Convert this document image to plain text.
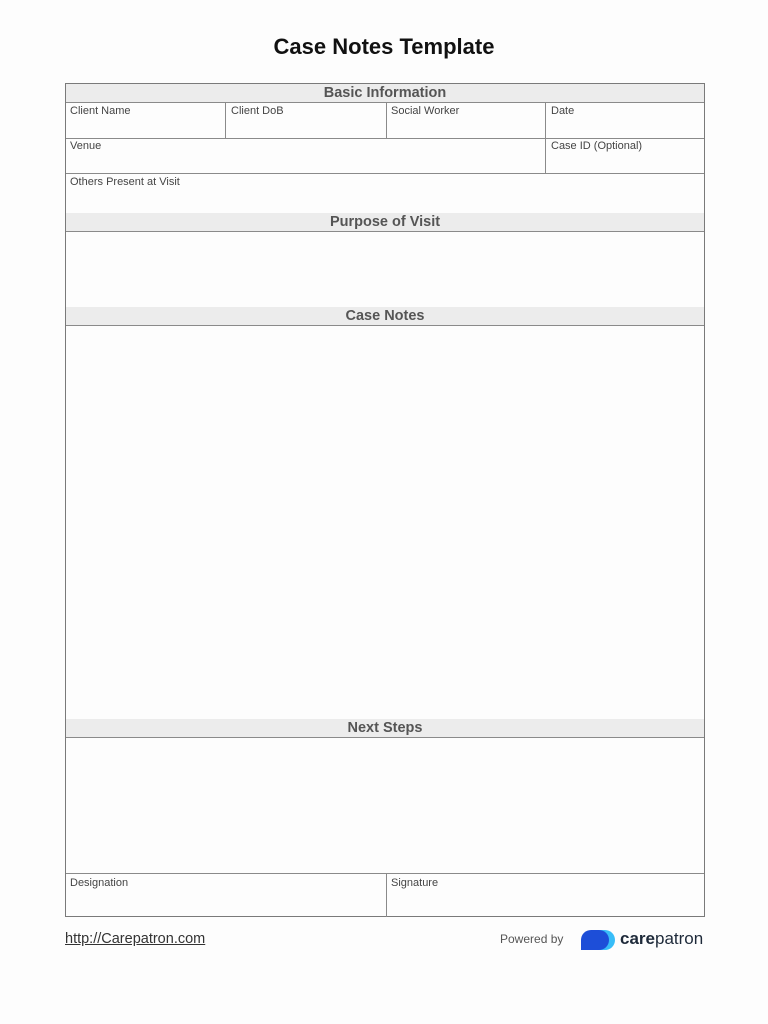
Case Notes Template
Basic Information
Client Name	Client DoB	Social Worker	Date
Venue	Case ID (Optional)
Others Present at Visit
Purpose of Visit
Case Notes
Next Steps
Designation	Signature
http://Carepatron.com	Powered by	carepatron
